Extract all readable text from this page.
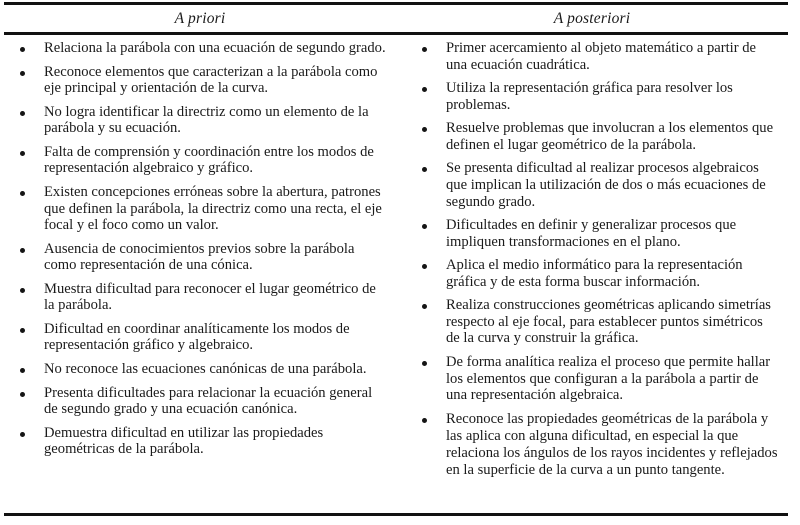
A priori	A posteriori
Relaciona la parábola con una ecuación de segundo grado.
Reconoce elementos que caracterizan a la parábola como eje principal y orientación de la curva.
No logra identificar la directriz como un elemento de la parábola y su ecuación.
Falta de comprensión y coordinación entre los modos de representación algebraico y gráfico.
Existen concepciones erróneas sobre la abertura, patrones que definen la parábola, la directriz como una recta, el eje focal y el foco como un valor.
Ausencia de conocimientos previos sobre la parábola como representación de una cónica.
Muestra dificultad para reconocer el lugar geométrico de la parábola.
Dificultad en coordinar analíticamente los modos de representación gráfico y algebraico.
No reconoce las ecuaciones canónicas de una parábola.
Presenta dificultades para relacionar la ecuación general de segundo grado y una ecuación canónica.
Demuestra dificultad en utilizar las propiedades geométricas de la parábola.
Primer acercamiento al objeto matemático a partir de una ecuación cuadrática.
Utiliza la representación gráfica para resolver los problemas.
Resuelve problemas que involucran a los elementos que definen el lugar geométrico de la parábola.
Se presenta dificultad al realizar procesos algebraicos que implican la utilización de dos o más ecuaciones de segundo grado.
Dificultades en definir y generalizar procesos que impliquen transformaciones en el plano.
Aplica el medio informático para la representación gráfica y de esta forma buscar información.
Realiza construcciones geométricas aplicando simetrías respecto al eje focal, para establecer puntos simétricos de la curva y construir la gráfica.
De forma analítica realiza el proceso que permite hallar los elementos que configuran a la parábola a partir de una representación algebraica.
Reconoce las propiedades geométricas de la parábola y las aplica con alguna dificultad, en especial la que relaciona los ángulos de los rayos incidentes y reflejados en la superficie de la curva a un punto tangente.
